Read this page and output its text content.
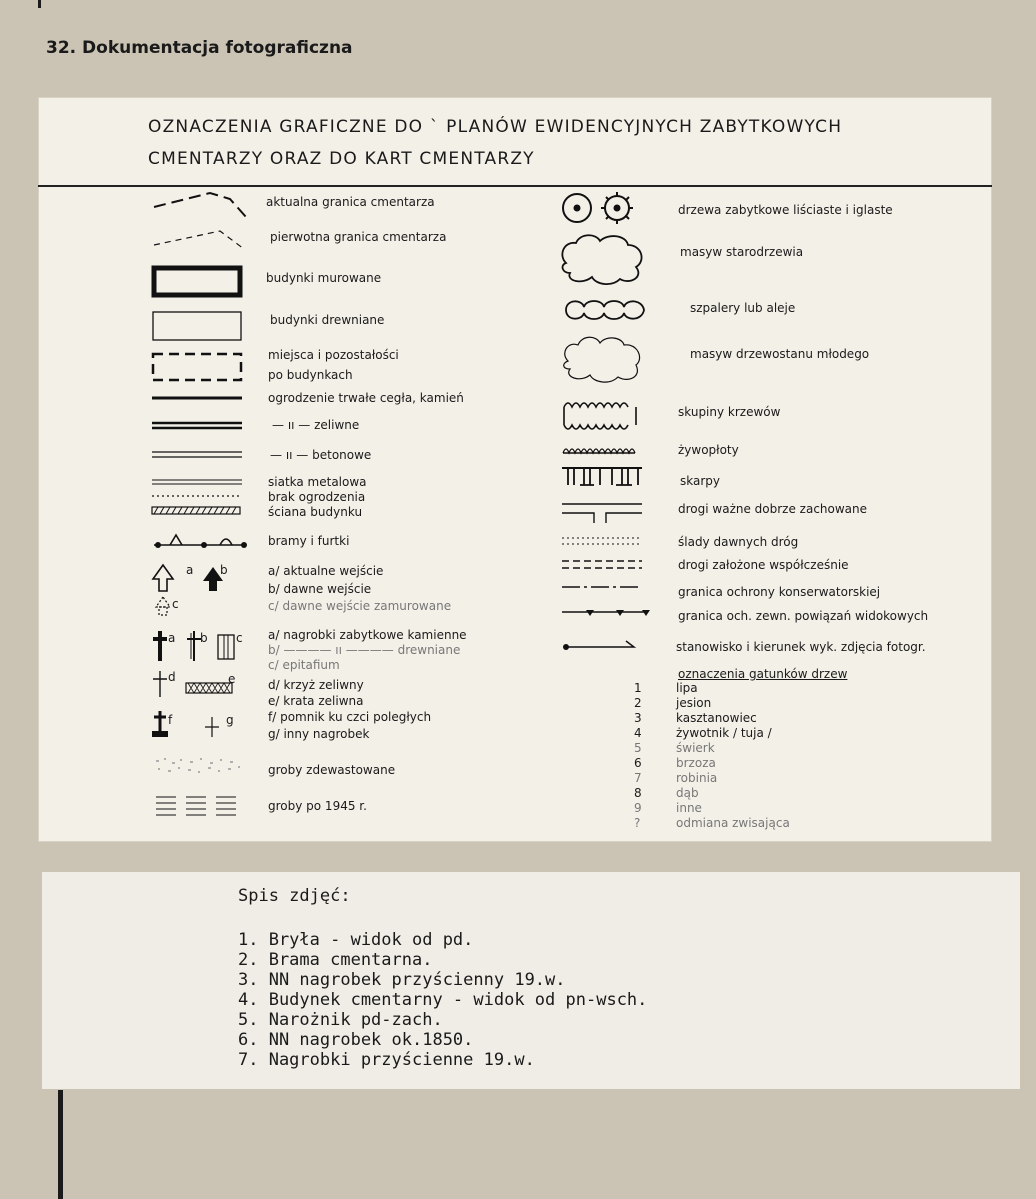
32. Dokumentacja fotograficzna
OZNACZENIA GRAFICZNE DO ` PLANÓW EWIDENCYJNYCH ZABYTKOWYCH
CMENTARZY ORAZ DO KART CMENTARZY
a b c
d	e
f	g
a b
c
aktualna granica cmentarza
pierwotna granica cmentarza
budynki murowane
budynki drewniane
miejsca i pozostałości
po budynkach
ogrodzenie trwałe cegła, kamień
— ıı — zeliwne
— ıı — betonowe
siatka metalowa
brak ogrodzenia
ściana budynku
bramy i furtki
a/ aktualne wejście
b/ dawne wejście
c/ dawne wejście zamurowane
a/ nagrobki zabytkowe kamienne
b/ ———— ıı ———— drewniane
c/ epitafium
d/ krzyż zeliwny
e/ krata zeliwna
f/ pomnik ku czci poległych
g/ inny nagrobek
groby zdewastowane
groby po 1945 r.
drzewa zabytkowe liściaste i iglaste
masyw starodrzewia
szpalery lub aleje
masyw drzewostanu młodego
skupiny krzewów
żywopłoty
skarpy
drogi ważne dobrze zachowane
ślady dawnych dróg
drogi założone współcześnie
granica ochrony konserwatorskiej
granica och. zewn. powiązań widokowych
stanowisko i kierunek wyk. zdjęcia fotogr.
oznaczenia gatunków drzew
1	lipa
2	jesion
3	kasztanowiec
4	żywotnik / tuja /
5	świerk
6	brzoza
7	robinia
8	dąb
9	inne
?	odmiana zwisająca
Spis zdjęć:
1. Bryła - widok od pd.
2. Brama cmentarna.
3. NN nagrobek przyścienny 19.w.
4. Budynek cmentarny - widok od pn-wsch.
5. Narożnik pd-zach.
6. NN nagrobek ok.1850.
7. Nagrobki przyścienne 19.w.
